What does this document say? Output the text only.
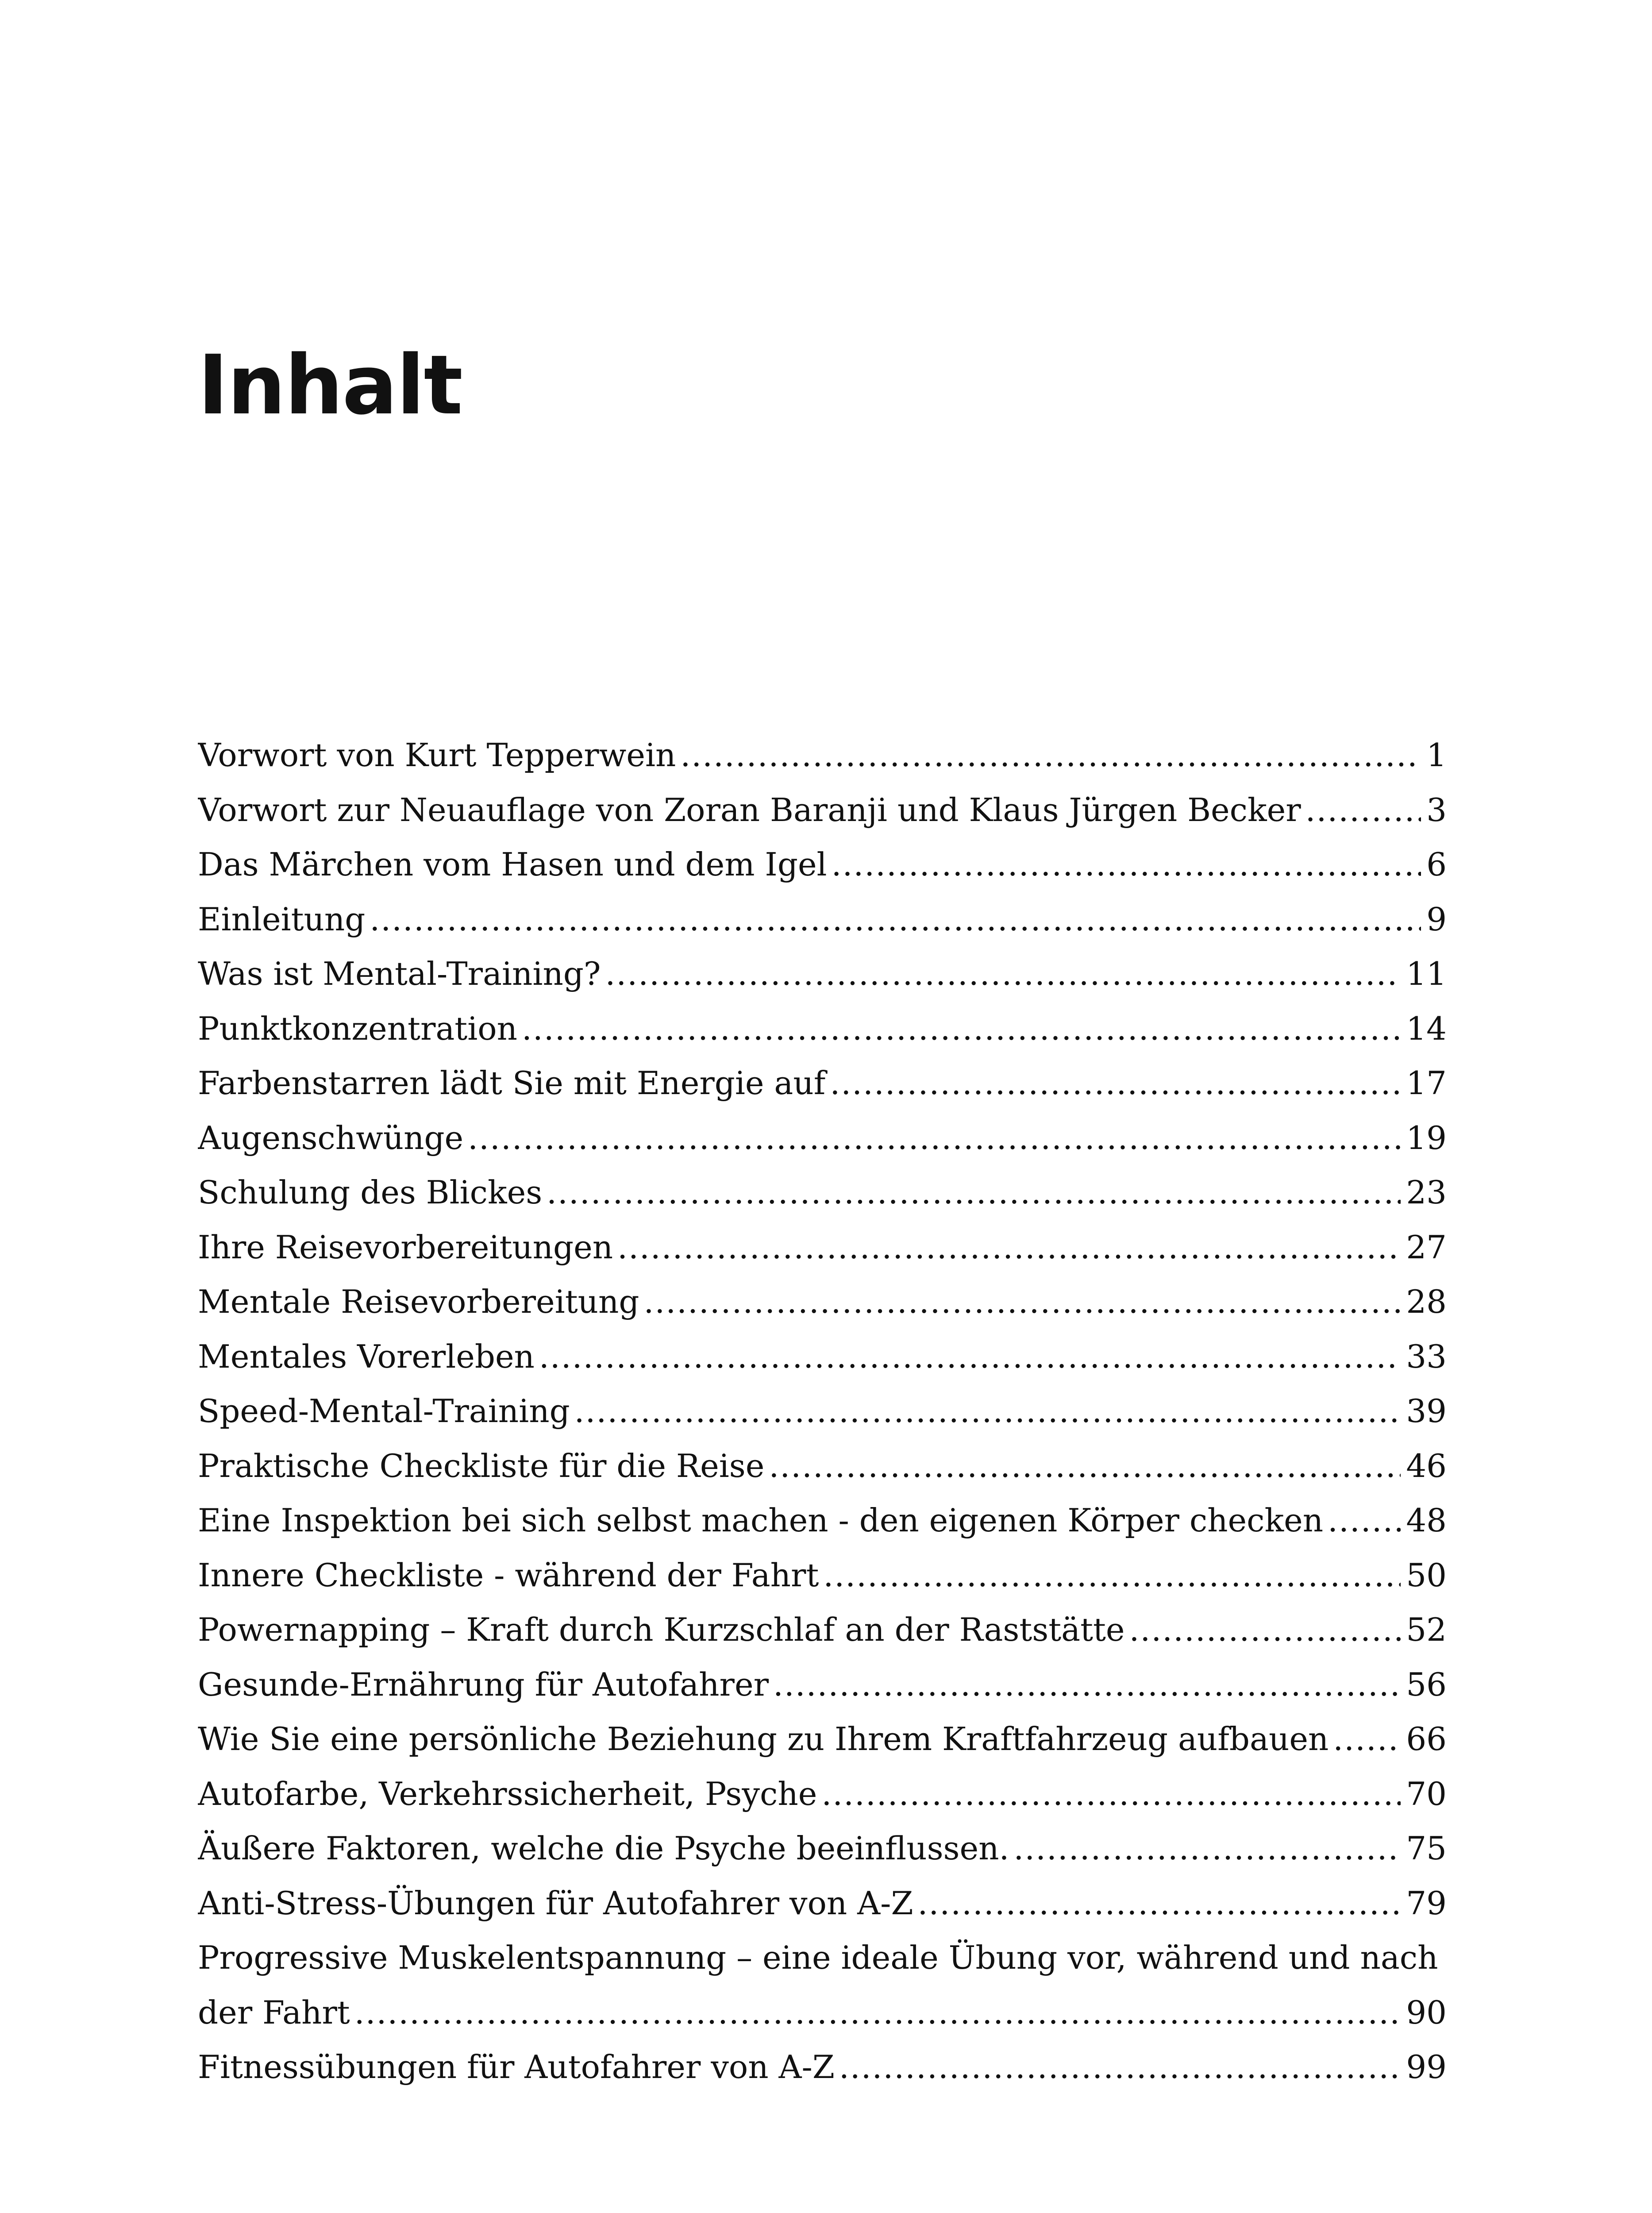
Inhalt
Vorwort von Kurt Tepperwein .....	1
Vorwort zur Neuauflage von Zoran Baranji und Klaus Jürgen Becker .....	3
Das Märchen vom Hasen und dem Igel .....	6
Einleitung .....	9
Was ist Mental-Training? .....	11
Punktkonzentration .....	14
Farbenstarren lädt Sie mit Energie auf .....	17
Augenschwünge .....	19
Schulung des Blickes .....	23
Ihre Reisevorbereitungen .....	27
Mentale Reisevorbereitung .....	28
Mentales Vorerleben .....	33
Speed-Mental-Training .....	39
Praktische Checkliste für die Reise .....	46
Eine Inspektion bei sich selbst machen - den eigenen Körper checken .....	48
Innere Checkliste - während der Fahrt .....	50
Powernapping – Kraft durch Kurzschlaf an der Raststätte .....	52
Gesunde-Ernährung für Autofahrer .....	56
Wie Sie eine persönliche Beziehung zu Ihrem Kraftfahrzeug aufbauen ..... 66
Autofarbe, Verkehrssicherheit, Psyche .....	70
Äußere Faktoren, welche die Psyche beeinflussen. .....	75
Anti-Stress-Übungen für Autofahrer von A-Z .....	79
Progressive Muskelentspannung – eine ideale Übung vor, während und nach
der Fahrt .....	90
Fitnessübungen für Autofahrer von A-Z .....	99
